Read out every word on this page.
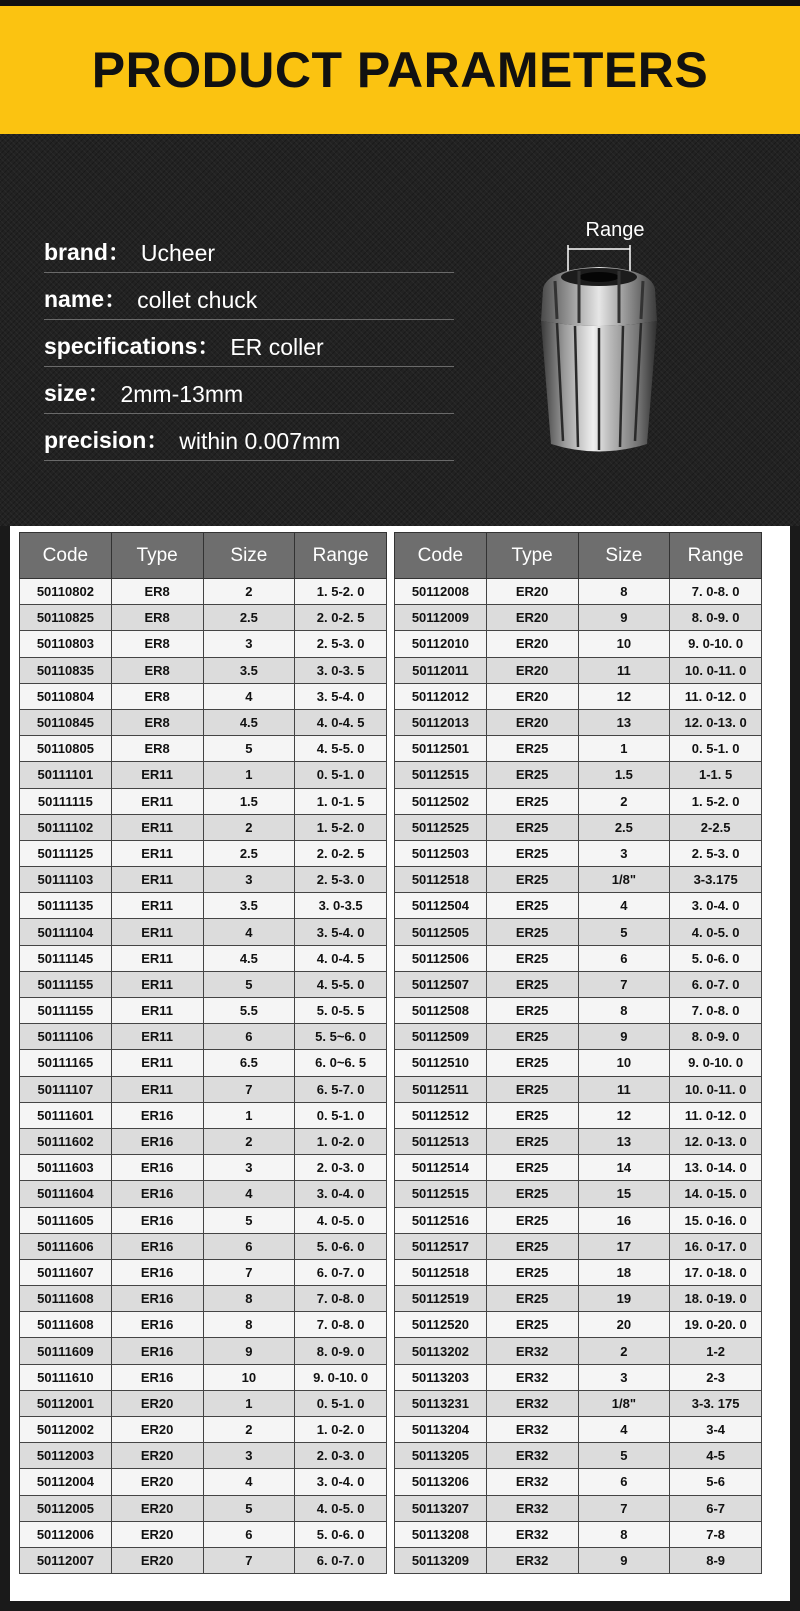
PRODUCT PARAMETERS
brand： Ucheer
name： collet chuck
specifications： ER coller
size： 2mm-13mm
precision： within 0.007mm
Range
Code	Type	Size	Range
50110802	ER8	2	1. 5-2. 0
50110825	ER8	2.5	2. 0-2. 5
50110803	ER8	3	2. 5-3. 0
50110835	ER8	3.5	3. 0-3. 5
50110804	ER8	4	3. 5-4. 0
50110845	ER8	4.5	4. 0-4. 5
50110805	ER8	5	4. 5-5. 0
50111101	ER11	1	0. 5-1. 0
50111115	ER11	1.5	1. 0-1. 5
50111102	ER11	2	1. 5-2. 0
50111125	ER11	2.5	2. 0-2. 5
50111103	ER11	3	2. 5-3. 0
50111135	ER11	3.5	3. 0-3.5
50111104	ER11	4	3. 5-4. 0
50111145	ER11	4.5	4. 0-4. 5
50111155	ER11	5	4. 5-5. 0
50111155	ER11	5.5	5. 0-5. 5
50111106	ER11	6	5. 5~6. 0
50111165	ER11	6.5	6. 0~6. 5
50111107	ER11	7	6. 5-7. 0
50111601	ER16	1	0. 5-1. 0
50111602	ER16	2	1. 0-2. 0
50111603	ER16	3	2. 0-3. 0
50111604	ER16	4	3. 0-4. 0
50111605	ER16	5	4. 0-5. 0
50111606	ER16	6	5. 0-6. 0
50111607	ER16	7	6. 0-7. 0
50111608	ER16	8	7. 0-8. 0
50111608	ER16	8	7. 0-8. 0
50111609	ER16	9	8. 0-9. 0
50111610	ER16	10	9. 0-10. 0
50112001	ER20	1	0. 5-1. 0
50112002	ER20	2	1. 0-2. 0
50112003	ER20	3	2. 0-3. 0
50112004	ER20	4	3. 0-4. 0
50112005	ER20	5	4. 0-5. 0
50112006	ER20	6	5. 0-6. 0
50112007	ER20	7	6. 0-7. 0
Code	Type	Size	Range
50112008	ER20	8	7. 0-8. 0
50112009	ER20	9	8. 0-9. 0
50112010	ER20	10	9. 0-10. 0
50112011	ER20	11	10. 0-11. 0
50112012	ER20	12	11. 0-12. 0
50112013	ER20	13	12. 0-13. 0
50112501	ER25	1	0. 5-1. 0
50112515	ER25	1.5	1-1. 5
50112502	ER25	2	1. 5-2. 0
50112525	ER25	2.5	2-2.5
50112503	ER25	3	2. 5-3. 0
50112518	ER25	1/8"	3-3.175
50112504	ER25	4	3. 0-4. 0
50112505	ER25	5	4. 0-5. 0
50112506	ER25	6	5. 0-6. 0
50112507	ER25	7	6. 0-7. 0
50112508	ER25	8	7. 0-8. 0
50112509	ER25	9	8. 0-9. 0
50112510	ER25	10	9. 0-10. 0
50112511	ER25	11	10. 0-11. 0
50112512	ER25	12	11. 0-12. 0
50112513	ER25	13	12. 0-13. 0
50112514	ER25	14	13. 0-14. 0
50112515	ER25	15	14. 0-15. 0
50112516	ER25	16	15. 0-16. 0
50112517	ER25	17	16. 0-17. 0
50112518	ER25	18	17. 0-18. 0
50112519	ER25	19	18. 0-19. 0
50112520	ER25	20	19. 0-20. 0
50113202	ER32	2	1-2
50113203	ER32	3	2-3
50113231	ER32	1/8"	3-3. 175
50113204	ER32	4	3-4
50113205	ER32	5	4-5
50113206	ER32	6	5-6
50113207	ER32	7	6-7
50113208	ER32	8	7-8
50113209	ER32	9	8-9
